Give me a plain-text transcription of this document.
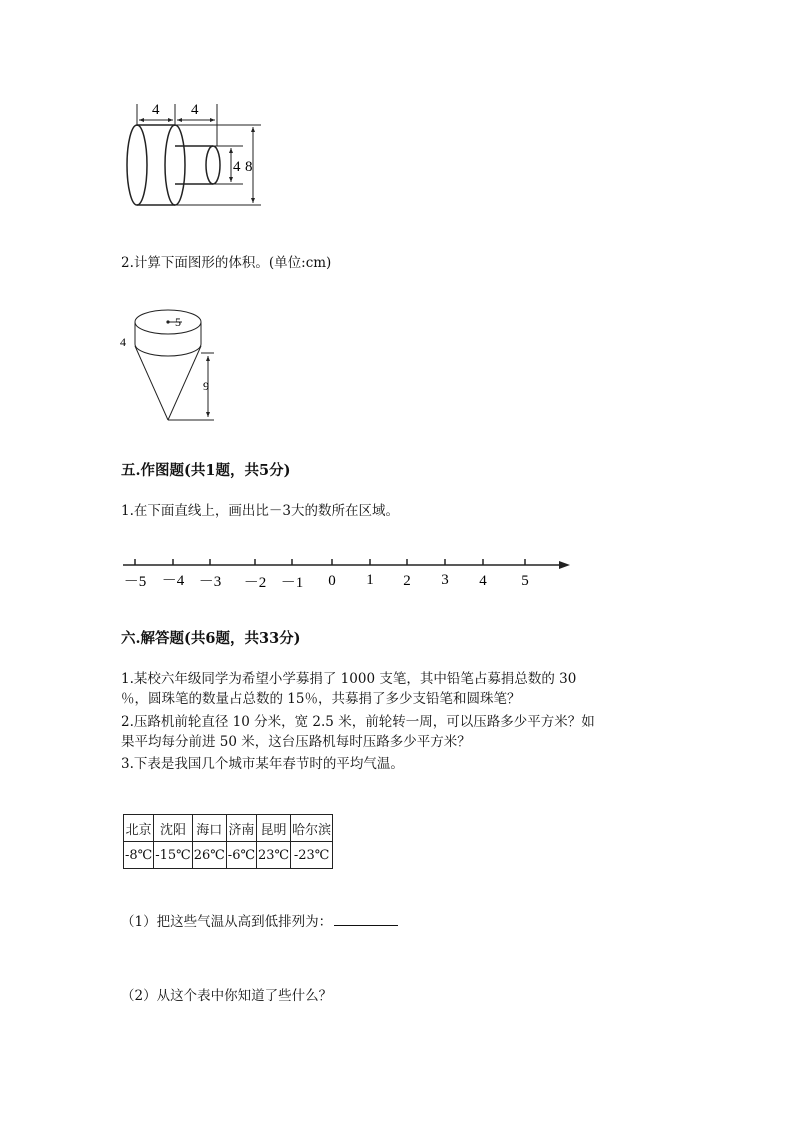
4 4
4 8
2.计算下面图形的体积。(单位:cm)
5
4
9
五.作图题(共1题，共5分)
1.在下面直线上，画出比－3大的数所在区域。
－5 －4 －3 －2 －1 0 1 2 3 4 5
六.解答题(共6题，共33分)
1.某校六年级同学为希望小学募捐了 1000 支笔，其中铅笔占募捐总数的 30
％，圆珠笔的数量占总数的 15％，共募捐了多少支铅笔和圆珠笔？
2.压路机前轮直径 10 分米，宽 2.5 米，前轮转一周，可以压路多少平方米？如
果平均每分前进 50 米，这台压路机每时压路多少平方米？
3.下表是我国几个城市某年春节时的平均气温。
北京	沈阳	海口	济南	昆明	哈尔滨
-8℃	-15℃	26℃	-6℃	23℃	-23℃
（1）把这些气温从高到低排列为：
（2）从这个表中你知道了些什么？
